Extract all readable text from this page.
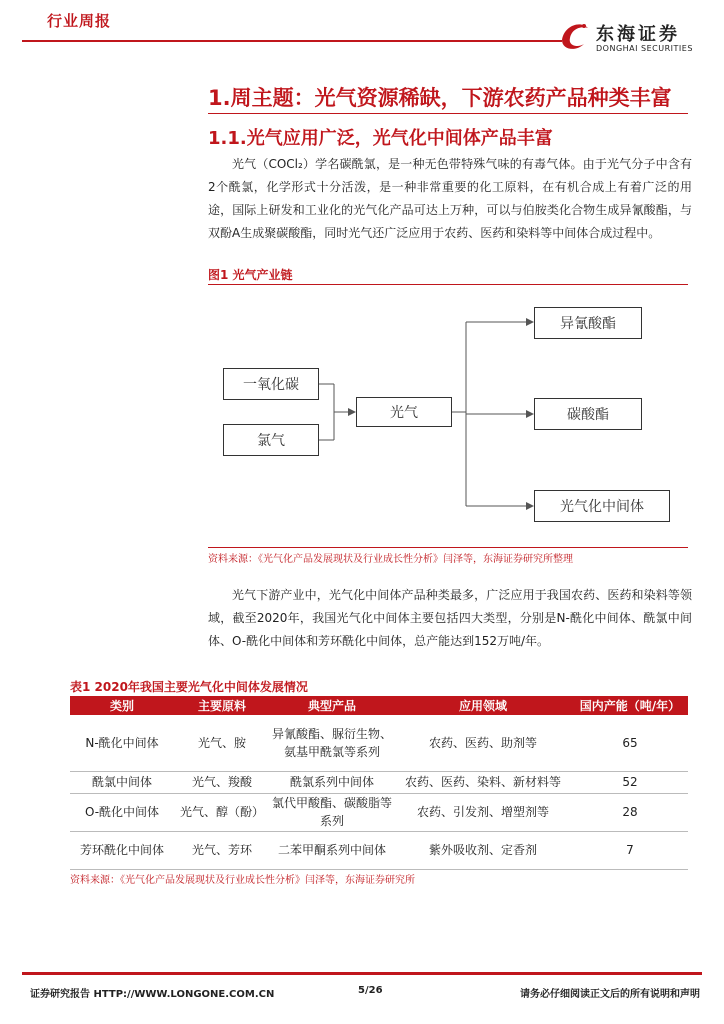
行业周报
东海证券
DONGHAI SECURITIES
1.周主题：光气资源稀缺，下游农药产品种类丰富
1.1.光气应用广泛，光气化中间体产品丰富

光气（COCl₂）学名碳酰氯，是一种无色带特殊气味的有毒气体。由于光气分子中含有2个酰氯，化学形式十分活泼，是一种非常重要的化工原料，在有机合成上有着广泛的用途，国际上研发和工业化的光气化产品可达上万种，可以与伯胺类化合物生成异氰酸酯，与双酚A生成聚碳酸酯，同时光气还广泛应用于农药、医药和染料等中间体合成过程中。

图1 光气产业链
一氧化碳
氯气
光气
异氰酸酯
碳酸酯
光气化中间体
资料来源：《光气化产品发展现状及行业成长性分析》闫泽等，东海证券研究所整理

光气下游产业中，光气化中间体产品种类最多，广泛应用于我国农药、医药和染料等领域，截至2020年，我国光气化中间体主要包括四大类型，分别是N-酰化中间体、酰氯中间体、O-酰化中间体和芳环酰化中间体，总产能达到152万吨/年。

表1 2020年我国主要光气化中间体发展情况
类别	主要原料	典型产品	应用领域	国内产能（吨/年）
N-酰化中间体	光气、胺	异氰酸酯、脲衍生物、氨基甲酰氯等系列	农药、医药、助剂等	65
酰氯中间体	光气、羧酸	酰氯系列中间体	农药、医药、染料、新材料等	52
O-酰化中间体	光气、醇（酚）	氯代甲酸酯、碳酸脂等系列	农药、引发剂、增塑剂等	28
芳环酰化中间体	光气、芳环	二苯甲酮系列中间体	紫外吸收剂、定香剂	7
资料来源：《光气化产品发展现状及行业成长性分析》闫泽等，东海证券研究所
证券研究报告 HTTP://WWW.LONGONE.COM.CN	5/26	请务必仔细阅读正文后的所有说明和声明
